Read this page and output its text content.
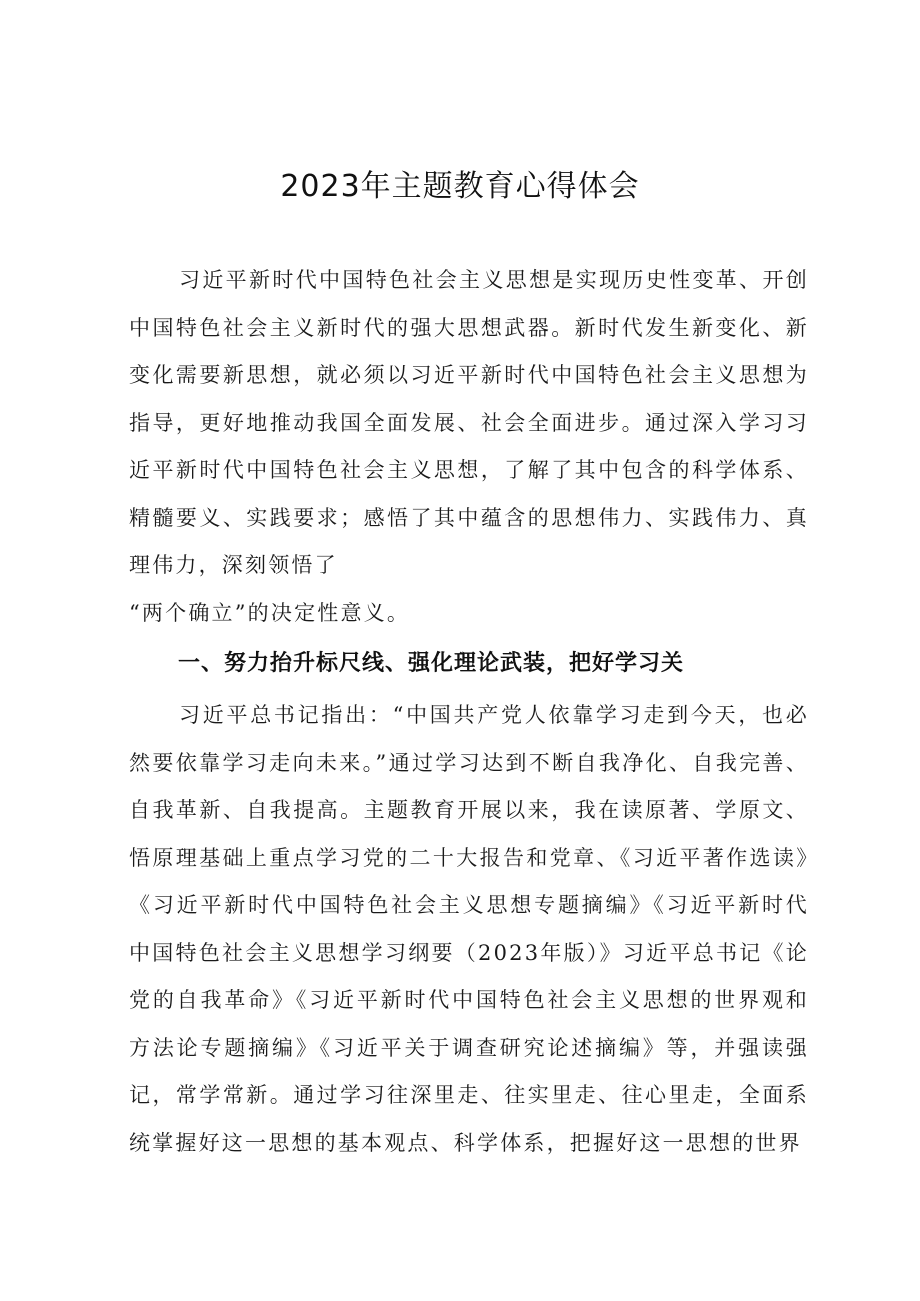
2023年主题教育心得体会

习近平新时代中国特色社会主义思想是实现历史性变革、开创中国特色社会主义新时代的强大思想武器。新时代发生新变化、新变化需要新思想，就必须以习近平新时代中国特色社会主义思想为指导，更好地推动我国全面发展、社会全面进步。通过深入学习习近平新时代中国特色社会主义思想，了解了其中包含的科学体系、精髓要义、实践要求；感悟了其中蕴含的思想伟力、实践伟力、真理伟力，深刻领悟了

“两个确立”的决定性意义。

一、努力抬升标尺线、强化理论武装，把好学习关

习近平总书记指出：“中国共产党人依靠学习走到今天，也必然要依靠学习走向未来。”通过学习达到不断自我净化、自我完善、自我革新、自我提高。主题教育开展以来，我在读原著、学原文、悟原理基础上重点学习党的二十大报告和党章、《习近平著作选读》《习近平新时代中国特色社会主义思想专题摘编》《习近平新时代中国特色社会主义思想学习纲要（2023年版）》习近平总书记《论党的自我革命》《习近平新时代中国特色社会主义思想的世界观和方法论专题摘编》《习近平关于调查研究论述摘编》等，并强读强记，常学常新。通过学习往深里走、往实里走、往心里走，全面系统掌握好这一思想的基本观点、科学体系，把握好这一思想的世界
